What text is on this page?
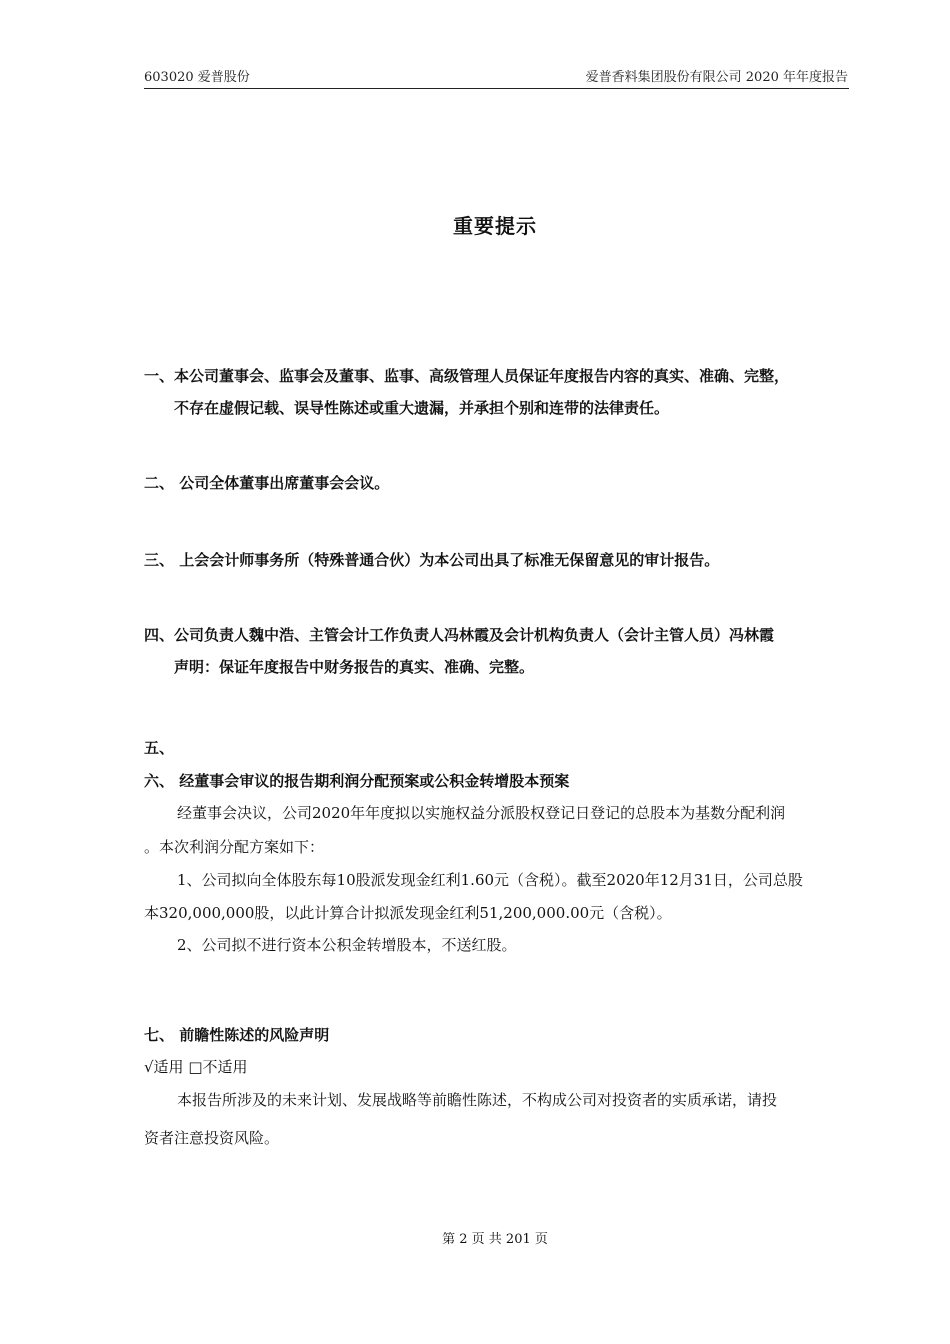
603020 爱普股份	爱普香料集团股份有限公司 2020 年年度报告
重要提示
一、本公司董事会、监事会及董事、监事、高级管理人员保证年度报告内容的真实、准确、完整，
不存在虚假记载、误导性陈述或重大遗漏，并承担个别和连带的法律责任。
二、 公司全体董事出席董事会会议。
三、 上会会计师事务所（特殊普通合伙）为本公司出具了标准无保留意见的审计报告。
四、公司负责人魏中浩、主管会计工作负责人冯林霞及会计机构负责人（会计主管人员）冯林霞
声明：保证年度报告中财务报告的真实、准确、完整。
五、
六、 经董事会审议的报告期利润分配预案或公积金转增股本预案
经董事会决议，公司2020年年度拟以实施权益分派股权登记日登记的总股本为基数分配利润
。本次利润分配方案如下：
1、公司拟向全体股东每10股派发现金红利1.60元（含税）。截至2020年12月31日，公司总股
本320,000,000股，以此计算合计拟派发现金红利51,200,000.00元（含税）。
2、公司拟不进行资本公积金转增股本，不送红股。
七、 前瞻性陈述的风险声明
√适用 □不适用
本报告所涉及的未来计划、发展战略等前瞻性陈述，不构成公司对投资者的实质承诺，请投
资者注意投资风险。
第 2 页 共 201 页
